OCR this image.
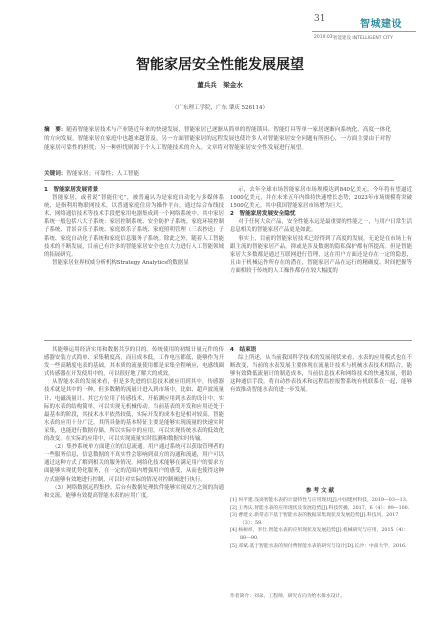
31
2019.03.
智能建设 INTELLIGENT CITY
智城建设
智能家居安全性能发展展望
董兵兵　梁金水
（广东理工学院，广东 肇庆 526114）
摘　要：随着智能家居技术与产业链近年来的快速发展，智能家居已逐渐从简单的智能锁具、智能灯具等单一家居逐渐向系统化、高度一体化的方向发展。智能家居在家庭中也越来越普及。另一方面智能家居的远程发展也使许多人对智能家居安全问题有所担心，一方面主要由于对智能家居可靠性的担忧；另一种担忧则源于个人工智能技术的介入。文章将对智能家居安全性发展进行展望。
关键词：智能家居；可靠性；人工智能

1　智能家居发展背景

智能家居，或者说“智能住宅”，被普遍认为是家庭自动化与多媒体系统，是指利用物联网技术，以普通家庭住房为操作平台，通过综合布线技术、网络通信技术等技术手段把家用电器集成到一个网络系统中。其中家居系统一般包括八大子系统：家居控制系统、安全防护子系统、家庭环境控制子系统、背景音乐子系统、家庭娱乐子系统、家庭照明管理（三表抄送）子系统、家庭自动化子系统和家庭信息服务子系统。除此之外，随着人工智能技术的不断发展，目前已有许多的智能家居安全也在大力进行人工智能领域的拓展研究。

智能家居业界权威分析机构Strategy Analytics的数据显

示，去年全球市场智能家居市场规模达到840亿美元，今年将有望逼近1000亿美元，并在未来五年内维持快速增长态势，2023年市场规模将突破1500亿美元。其中我国智能家居市场增为巨大。

2　智能家居发展安全隐忧

对于任何大众产品，安全性能永远是最重要的性能之一，与用户日常生活息息相关的智能家居产品更是如此。

事实上，目前的智能家居技术已经得到了高度的发展，无论是在市场上有跟主流的智能家居产品，抑或是涉及数据的隐私保护都有所提高。但是智能家居大多数都是通过互联网进行管理，这在用户方面还是存在一定的隐患，且由于机械运作所存在的潜在，智能家居产品在运行的精确度、时间把握等方面相较于传统的人工操作都存在较大幅度的

其能够运用经济实用和数据共享的目的。传统使用的初级计量元件的传感器安装方式简单、采集精度高，而且成本低，工作电压都低，能够作为开发一些高精度电表的基础，其本质的流量使用都是采集全程响应，电感线圈式传感器在开发使用中的，可以很好地了解大的成效。

从智能水表的发展来看，但是多先进的信息技术被应用到其中，传感器技术就是其中的一种，但多数精的流量计进入到市场中，比如、超声波流量计、电磁流量计、其它方位用了传感技术，开拓测应用到水表的设计中，实际的水表的结构简单，可以实现无机械传动。当前基表的开发和应用还处于最基本的阶段，其技术水平依然较低，实际开发的成本也是相对较高。智能水表的应用十分广泛，其所具备的基本特征主要是能够实现流量的快速实时采集，也能进行数据存储，所以实际中的应用，可以实现传统水表的低效化的改变。在实际的应用中，可以实现流量实时监测和数据实时传输。

（2）集抄系统单方面建立的信息流通。用户通过系统可以获取管理者的一些服务信息，信息数据的不真实性会影响到双方的沟通和流通，用户可以通过这种方式了解到相关的服务情况。网络化技术能够在满足用户的要求方面能够实现优势化服务，在一定的范围内增强用户的感受，从而也使得这种方式能够有效地进行控制，可以针对实际的情况对控制阀进行执行。

（3）网络数据远程集抄。后台有数据处理软件能够实现双方之间的沟通和交流，能够有效提高智能水表的应用广度。

4　结束语

综上所述，从当前我国科学技术的发展现状来看，水表的应用模式也在不断改变，当前的水表发展主要体现在流量计技术与机械水表技术相结合，能够有效降低流量计的制造成本，当前信息技术和网络技术的快速发展，借助这种通信手段，将自动抄表技术和远程监控报警系统有机联系在一起，能够有效推动智能水表的进一步发展。

参 考 文 献
[1] 何平建.浅谈智能水表的计量特性与应用现状[J].中国建材科技，2019—03—13.
[2] 王秀庆.智能水表的应用现状及发展趋势[J].科技传播，2017，6（4）：99—100.
[3] 曹建文.新常态下基于智能水表的数据采集现状及发展趋势[J].科技风，2017（3）：59.
[4] 杨树祥，李仕.智能水表的应用现状及发展趋势[J].机械研究与应用，2015（4）：88—90.
[5] 邓斌.基于智能水表的预付费智能水表的研究与设计[D].长沙：中南大学，2016.
作者简介：刘朵，工程师，研究方向为给水排水设计。
